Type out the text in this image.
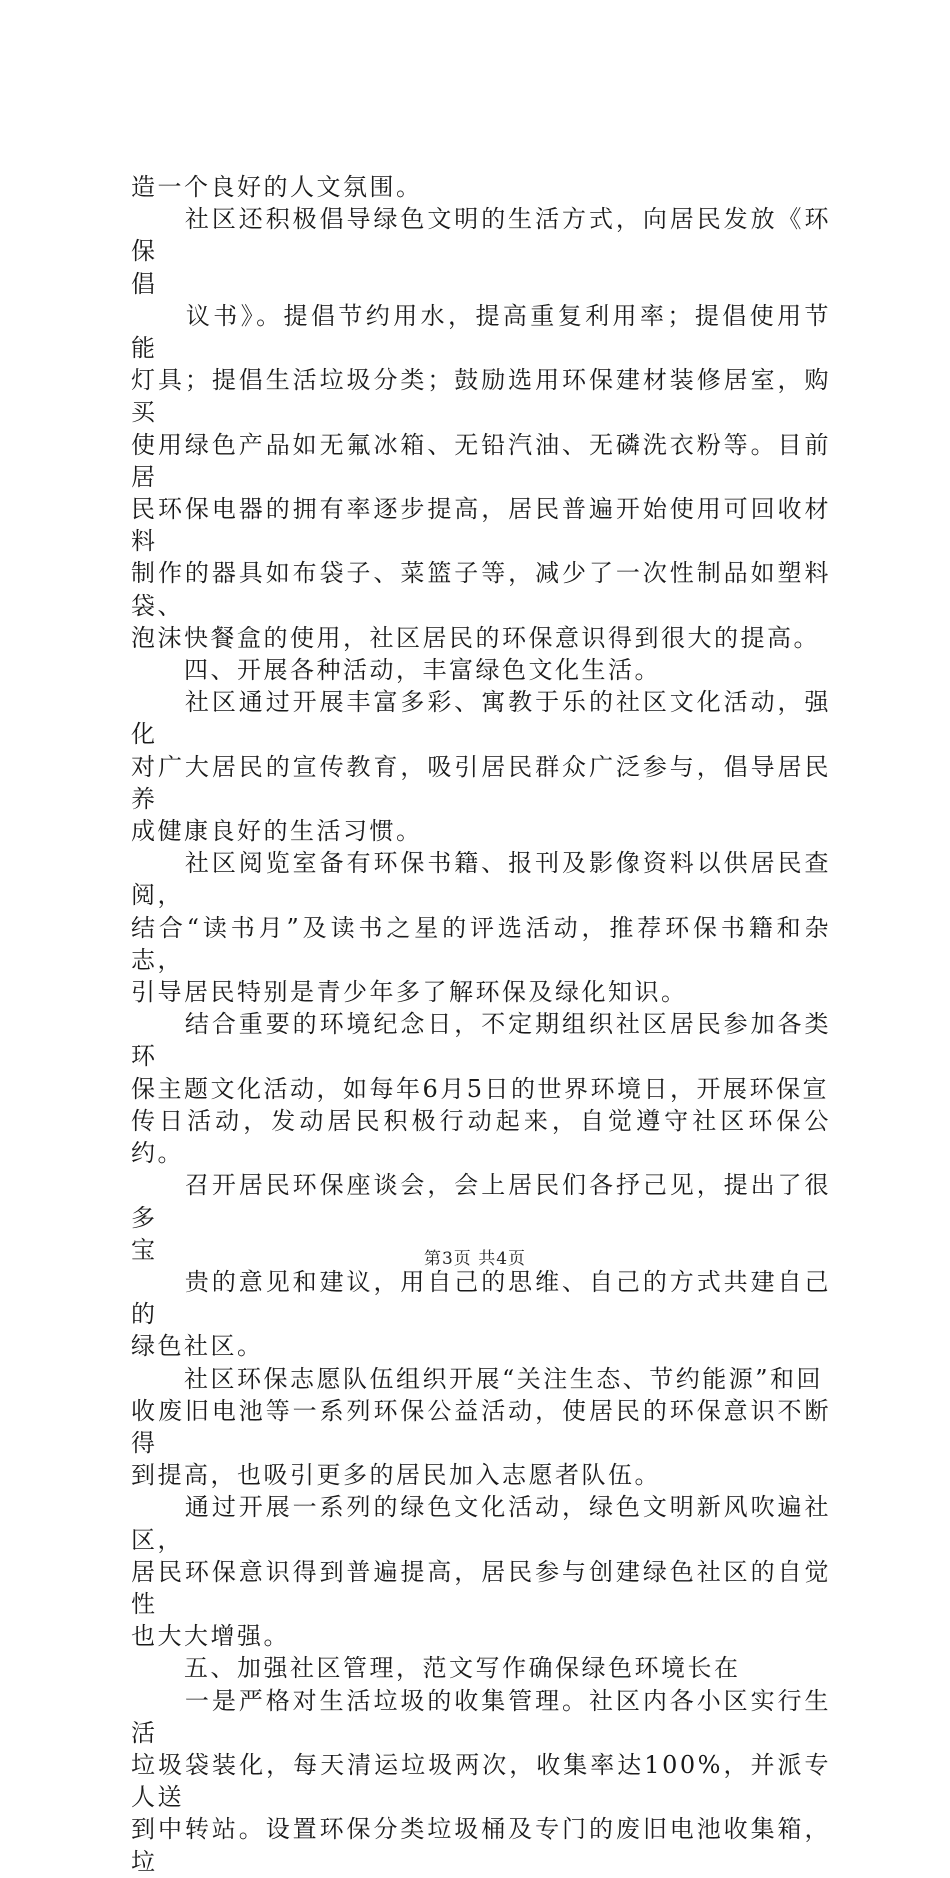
造一个良好的人文氛围。

　　社区还积极倡导绿色文明的生活方式，向居民发放《环保

倡

　　议书》。提倡节约用水，提高重复利用率；提倡使用节能

灯具；提倡生活垃圾分类；鼓励选用环保建材装修居室，购买

使用绿色产品如无氟冰箱、无铅汽油、无磷洗衣粉等。目前居

民环保电器的拥有率逐步提高，居民普遍开始使用可回收材料

制作的器具如布袋子、菜篮子等，减少了一次性制品如塑料袋、

泡沫快餐盒的使用，社区居民的环保意识得到很大的提高。

　　四、开展各种活动，丰富绿色文化生活。

　　社区通过开展丰富多彩、寓教于乐的社区文化活动，强化

对广大居民的宣传教育，吸引居民群众广泛参与，倡导居民养

成健康良好的生活习惯。

　　社区阅览室备有环保书籍、报刊及影像资料以供居民查阅，

结合“读书月”及读书之星的评选活动，推荐环保书籍和杂志，

引导居民特别是青少年多了解环保及绿化知识。

　　结合重要的环境纪念日，不定期组织社区居民参加各类环

保主题文化活动，如每年6月5日的世界环境日，开展环保宣

传日活动，发动居民积极行动起来，自觉遵守社区环保公约。

　　召开居民环保座谈会，会上居民们各抒己见，提出了很多

宝

　　贵的意见和建议，用自己的思维、自己的方式共建自己的

绿色社区。

　　社区环保志愿队伍组织开展“关注生态、节约能源”和回

收废旧电池等一系列环保公益活动，使居民的环保意识不断得

到提高，也吸引更多的居民加入志愿者队伍。

　　通过开展一系列的绿色文化活动，绿色文明新风吹遍社区，

居民环保意识得到普遍提高，居民参与创建绿色社区的自觉性

也大大增强。

　　五、加强社区管理，范文写作确保绿色环境长在

　　一是严格对生活垃圾的收集管理。社区内各小区实行生活

垃圾袋装化，每天清运垃圾两次，收集率达100%，并派专人送

到中转站。设置环保分类垃圾桶及专门的废旧电池收集箱，垃

第3页 共4页
